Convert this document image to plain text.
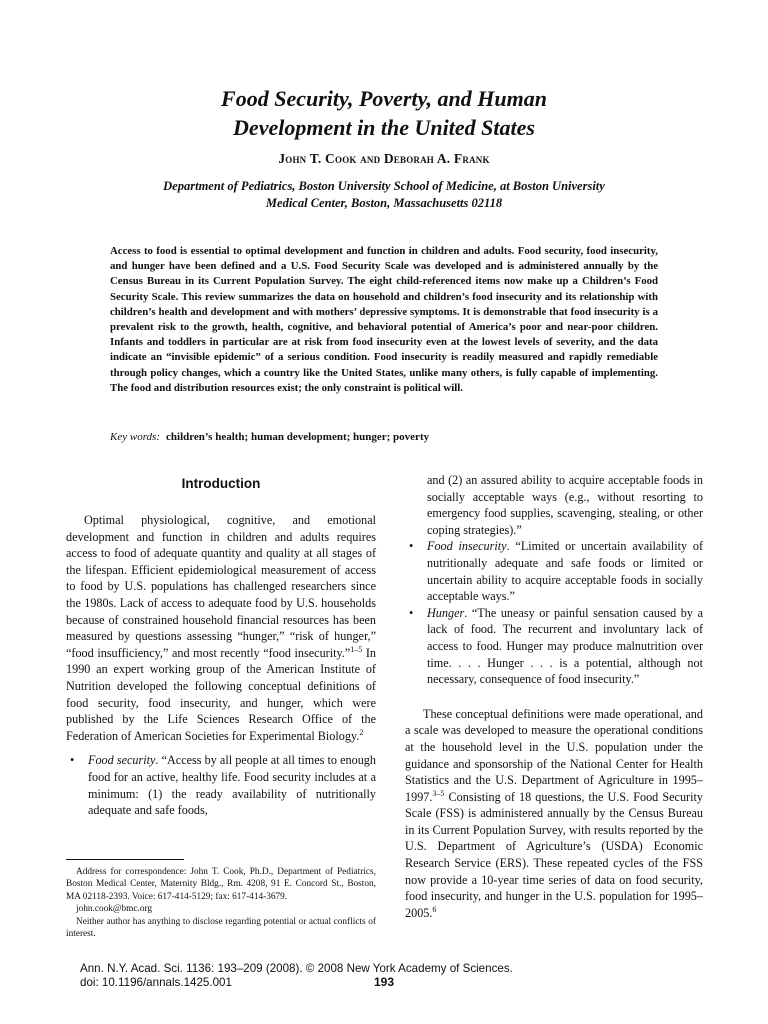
Food Security, Poverty, and Human
Development in the United States
John T. Cook and Deborah A. Frank
Department of Pediatrics, Boston University School of Medicine, at Boston University
Medical Center, Boston, Massachusetts 02118
Access to food is essential to optimal development and function in children and adults. Food security, food insecurity, and hunger have been defined and a U.S. Food Security Scale was developed and is administered annually by the Census Bureau in its Current Population Survey. The eight child-referenced items now make up a Children’s Food Security Scale. This review summarizes the data on household and children’s food insecurity and its relationship with children’s health and development and with mothers’ depressive symptoms. It is demonstrable that food insecurity is a prevalent risk to the growth, health, cognitive, and behavioral potential of America’s poor and near-poor children. Infants and toddlers in particular are at risk from food insecurity even at the lowest levels of severity, and the data indicate an “invisible epidemic” of a serious condition. Food insecurity is readily measured and rapidly remediable through policy changes, which a country like the United States, unlike many others, is fully capable of implementing. The food and distribution resources exist; the only constraint is political will.
Key words: children’s health; human development; hunger; poverty
Introduction

Optimal physiological, cognitive, and emotional development and function in children and adults requires access to food of adequate quantity and quality at all stages of the lifespan. Efficient epidemiological measurement of access to food by U.S. populations has challenged researchers since the 1980s. Lack of access to adequate food by U.S. households because of constrained household financial resources has been measured by questions assessing “hunger,” “risk of hunger,” “food insufficiency,” and most recently “food insecurity.”$^{1-5}$ In 1990 an expert working group of the American Institute of Nutrition developed the following conceptual definitions of food security, food insecurity, and hunger, which were published by the Life Sciences Research Office of the Federation of American Societies for Experimental Biology.$^2$

• Food security. “Access by all people at all times to enough food for an active, healthy life. Food security includes at a minimum: (1) the ready availability of nutritionally adequate and safe foods,
and (2) an assured ability to acquire acceptable foods in socially acceptable ways (e.g., without resorting to emergency food supplies, scavenging, stealing, or other coping strategies).”
• Food insecurity. “Limited or uncertain availability of nutritionally adequate and safe foods or limited or uncertain ability to acquire acceptable foods in socially acceptable ways.”
• Hunger. “The uneasy or painful sensation caused by a lack of food. The recurrent and involuntary lack of access to food. Hunger may produce malnutrition over time. . . . Hunger . . . is a potential, although not necessary, consequence of food insecurity.”

These conceptual definitions were made operational, and a scale was developed to measure the operational conditions at the household level in the U.S. population under the guidance and sponsorship of the National Center for Health Statistics and the U.S. Department of Agriculture in 1995–1997.$^{3-5}$ Consisting of 18 questions, the U.S. Food Security Scale (FSS) is administered annually by the Census Bureau in its Current Population Survey, with results reported by the U.S. Department of Agriculture’s (USDA) Economic Research Service (ERS). These repeated cycles of the FSS now provide a 10-year time series of data on food security, food insecurity, and hunger in the U.S. population for 1995–2005.$^6$

Address for correspondence: John T. Cook, Ph.D., Department of Pediatrics, Boston Medical Center, Maternity Bldg., Rm. 4208, 91 E. Concord St., Boston, MA 02118-2393. Voice: 617-414-5129; fax: 617-414-3679.

john.cook@bmc.org

Neither author has anything to disclose regarding potential or actual conflicts of interest.

Ann. N.Y. Acad. Sci. 1136: 193–209 (2008). © 2008 New York Academy of Sciences.
doi: 10.1196/annals.1425.001	193
